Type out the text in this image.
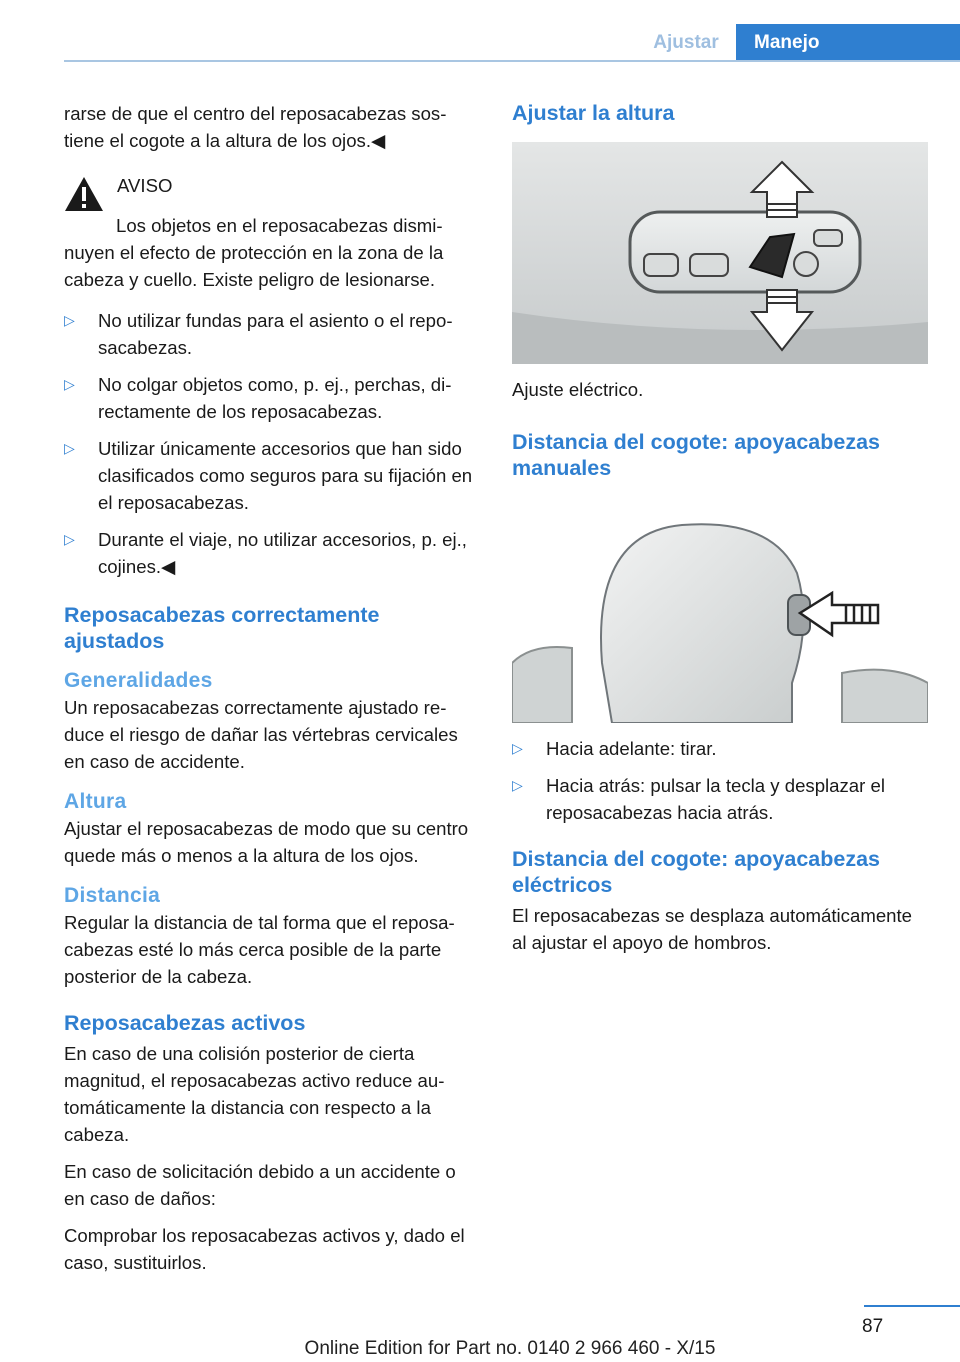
Ajustar	Manejo

rarse de que el centro del reposacabezas sostiene el cogote a la altura de los ojos.◀

AVISO

Los objetos en el reposacabezas disminuyen el efecto de protección en la zona de la cabeza y cuello. Existe peligro de lesionarse.

▷ No utilizar fundas para el asiento o el reposacabezas.
▷ No colgar objetos como, p. ej., perchas, directamente de los reposacabezas.
▷ Utilizar únicamente accesorios que han sido clasificados como seguros para su fijación en el reposacabezas.
▷ Durante el viaje, no utilizar accesorios, p. ej., cojines.◀
Reposacabezas correctamente ajustados
Generalidades

Un reposacabezas correctamente ajustado reduce el riesgo de dañar las vértebras cervicales en caso de accidente.

Altura

Ajustar el reposacabezas de modo que su centro quede más o menos a la altura de los ojos.

Distancia

Regular la distancia de tal forma que el reposacabezas esté lo más cerca posible de la parte posterior de la cabeza.

Reposacabezas activos

En caso de una colisión posterior de cierta magnitud, el reposacabezas activo reduce automáticamente la distancia con respecto a la cabeza.

En caso de solicitación debido a un accidente o en caso de daños:

Comprobar los reposacabezas activos y, dado el caso, sustituirlos.

Ajustar la altura

Ajuste eléctrico.

Distancia del cogote: apoyacabezas manuales
▷ Hacia adelante: tirar.
▷ Hacia atrás: pulsar la tecla y desplazar el reposacabezas hacia atrás.
Distancia del cogote: apoyacabezas eléctricos

El reposacabezas se desplaza automáticamente al ajustar el apoyo de hombros.

87
Online Edition for Part no. 0140 2 966 460 - X/15
